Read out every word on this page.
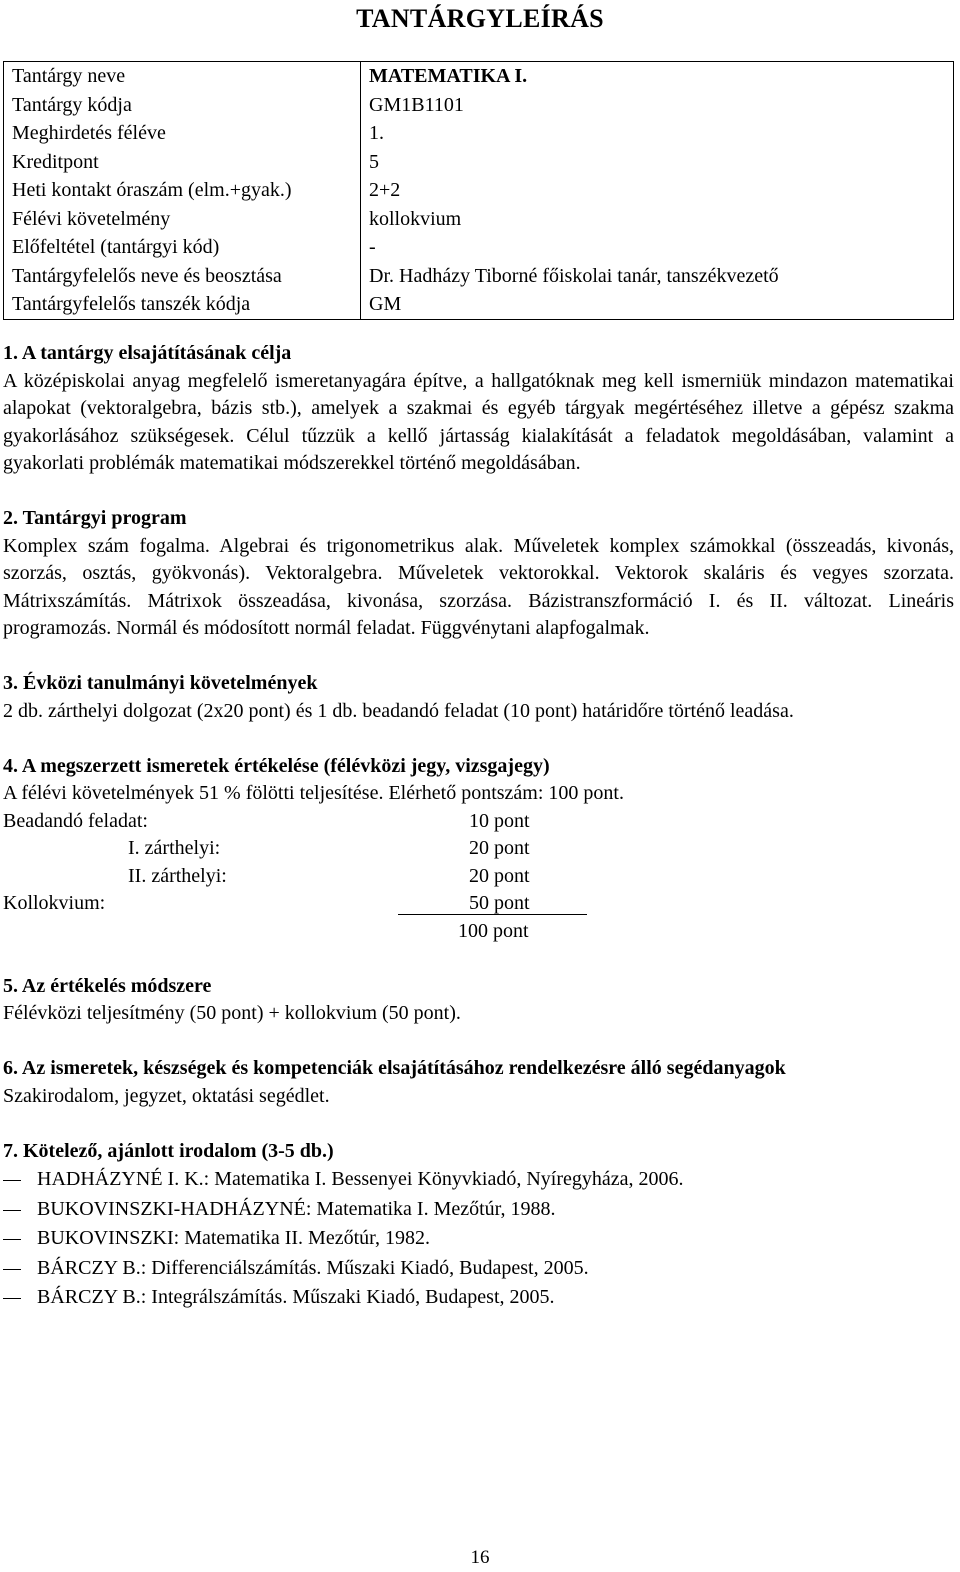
TANTÁRGYLEÍRÁS
Tantárgy neve	MATEMATIKA I.
Tantárgy kódja	GM1B1101
Meghirdetés féléve	1.
Kreditpont	5
Heti kontakt óraszám (elm.+gyak.)	2+2
Félévi követelmény	kollokvium
Előfeltétel (tantárgyi kód)	-
Tantárgyfelelős neve és beosztása	Dr. Hadházy Tiborné főiskolai tanár, tanszékvezető
Tantárgyfelelős tanszék kódja	GM
1. A tantárgy elsajátításának célja

A középiskolai anyag megfelelő ismeretanyagára építve, a hallgatóknak meg kell ismerniük mindazon matematikai alapokat (vektoralgebra, bázis stb.), amelyek a szakmai és egyéb tárgyak megértéséhez illetve a gépész szakma gyakorlásához szükségesek. Célul tűzzük a kellő jártasság kialakítását a feladatok megoldásában, valamint a gyakorlati problémák matematikai módszerekkel történő megoldásában.

2. Tantárgyi program

Komplex szám fogalma. Algebrai és trigonometrikus alak. Műveletek komplex számokkal (összeadás, kivonás, szorzás, osztás, gyökvonás). Vektoralgebra. Műveletek vektorokkal. Vektorok skaláris és vegyes szorzata. Mátrixszámítás. Mátrixok összeadása, kivonása, szorzása. Bázistranszformáció I. és II. változat. Lineáris programozás. Normál és módosított normál feladat. Függvénytani alapfogalmak.

3. Évközi tanulmányi követelmények

2 db. zárthelyi dolgozat (2x20 pont) és 1 db. beadandó feladat (10 pont) határidőre történő leadása.

4. A megszerzett ismeretek értékelése (félévközi jegy, vizsgajegy)

A félévi követelmények 51 % fölötti teljesítése. Elérhető pontszám: 100 pont.

Beadandó feladat:	10 pont
I. zárthelyi:	20 pont
II. zárthelyi:	20 pont
Kollokvium:	50 pont
100 pont
5. Az értékelés módszere

Félévközi teljesítmény (50 pont) + kollokvium (50 pont).

6. Az ismeretek, készségek és kompetenciák elsajátításához rendelkezésre álló segédanyagok

Szakirodalom, jegyzet, oktatási segédlet.

7. Kötelező, ajánlott irodalom (3-5 db.)
HADHÁZYNÉ I. K.: Matematika I. Bessenyei Könyvkiadó, Nyíregyháza, 2006.
BUKOVINSZKI-HADHÁZYNÉ: Matematika I. Mezőtúr, 1988.
BUKOVINSZKI: Matematika II. Mezőtúr, 1982.
BÁRCZY B.: Differenciálszámítás. Műszaki Kiadó, Budapest, 2005.
BÁRCZY B.: Integrálszámítás. Műszaki Kiadó, Budapest, 2005.
16
